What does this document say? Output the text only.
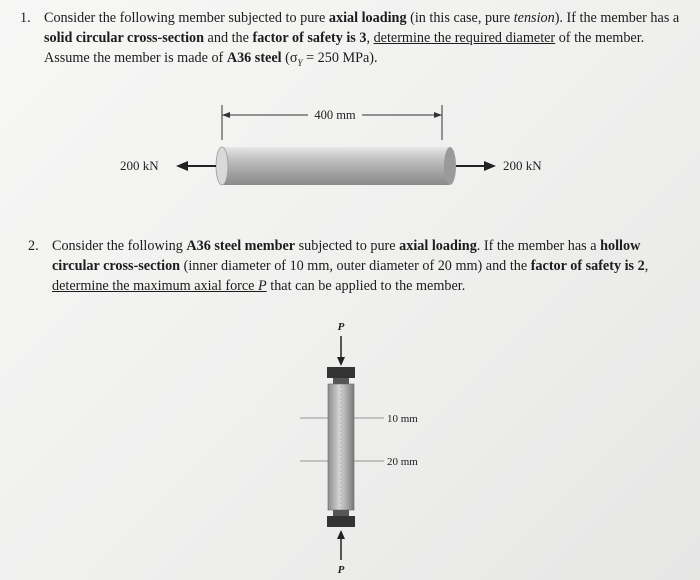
1. Consider the following member subjected to pure axial loading (in this case, pure tension). If the member has a solid circular cross-section and the factor of safety is 3, determine the required diameter of the member. Assume the member is made of A36 steel ($\sigma_Y = 250$ MPa).
400 mm
200 kN	200 kN
P
P
10 mm
20 mm
2. Consider the following A36 steel member subjected to pure axial loading. If the member has a hollow circular cross-section (inner diameter of 10 mm, outer diameter of 20 mm) and the factor of safety is 2, determine the maximum axial force P that can be applied to the member.
